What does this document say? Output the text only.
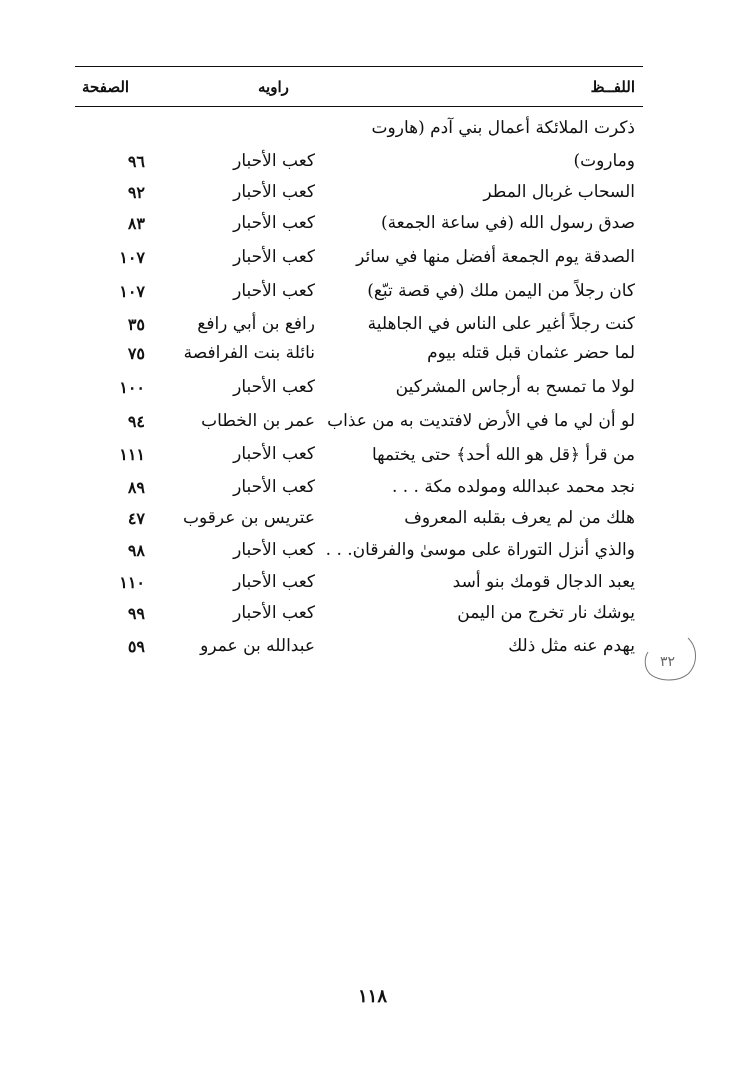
اللفــظ
راويه
الصفحة
ذكرت الملائكة أعمال بني آدم (هاروت
وماروت)
كعب الأحبار
٩٦
السحاب غربال المطر
كعب الأحبار
٩٢
صدق رسول الله (في ساعة الجمعة)
كعب الأحبار
٨٣
الصدقة يوم الجمعة أفضل منها في سائر
كعب الأحبار
١٠٧
كان رجلاً من اليمن ملك (في قصة تبّع)
كعب الأحبار
١٠٧
كنت رجلاً أغير على الناس في الجاهلية
رافع بن أبي رافع
٣٥
لما حضر عثمان قبل قتله بيوم
نائلة بنت الفرافصة
٧٥
لولا ما تمسح به أرجاس المشركين
كعب الأحبار
١٠٠
لو أن لي ما في الأرض لافتديت به من عذاب
عمر بن الخطاب
٩٤
من قرأ ﴿قل هو الله أحد﴾ حتى يختمها
كعب الأحبار
١١١
نجد محمد عبدالله ومولده مكة . . .
كعب الأحبار
٨٩
هلك من لم يعرف بقلبه المعروف
عتريس بن عرقوب
٤٧
والذي أنزل التوراة على موسىٰ والفرقان. . .
كعب الأحبار
٩٨
يعبد الدجال قومك بنو أسد
كعب الأحبار
١١٠
يوشك نار تخرج من اليمن
كعب الأحبار
٩٩
يهدم عنه مثل ذلك
عبدالله بن عمرو
٥٩
٣٢
١١٨
